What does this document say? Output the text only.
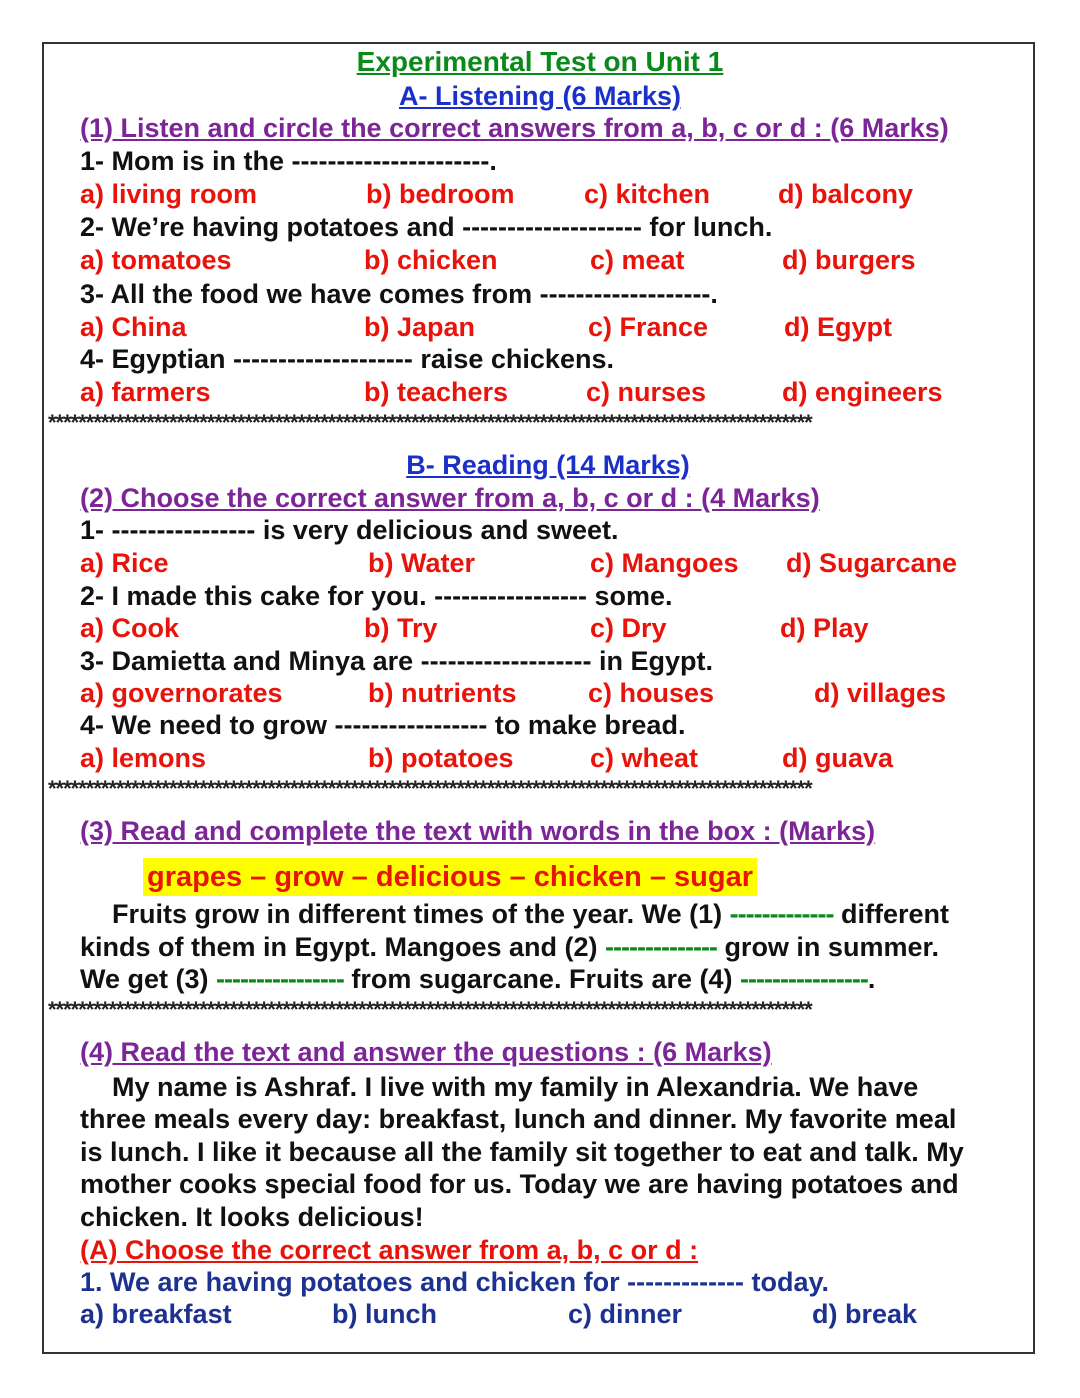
Experimental Test on Unit 1
A- Listening (6 Marks)
(1) Listen and circle the correct answers from a, b, c or d : (6 Marks)
1- Mom is in the ----------------------.
a) living room	b) bedroom	c) kitchen	d) balcony
2- We’re having potatoes and -------------------- for lunch.
a) tomatoes	b) chicken	c) meat	d) burgers
3- All the food we have comes from -------------------.
a) China	b) Japan	c) France	d) Egypt
4- Egyptian -------------------- raise chickens.
a) farmers	b) teachers	c) nurses	d) engineers
*****************************************************************************************************
B- Reading (14 Marks)
(2) Choose the correct answer from a, b, c or d : (4 Marks)
1- ---------------- is very delicious and sweet.
a) Rice	b) Water	c) Mangoes d) Sugarcane
2- I made this cake for you. ----------------- some.
a) Cook	b) Try	c) Dry	d) Play
3- Damietta and Minya are ------------------- in Egypt.
a) governorates	b) nutrients	c) houses	d) villages
4- We need to grow ----------------- to make bread.
a) lemons	b) potatoes	c) wheat	d) guava
*****************************************************************************************************
(3) Read and complete the text with words in the box : (Marks)
grapes – grow – delicious – chicken – sugar
Fruits grow in different times of the year. We (1) ------------- different
kinds of them in Egypt. Mangoes and (2) -------------- grow in summer.
We get (3) ---------------- from sugarcane. Fruits are (4) ----------------.
*****************************************************************************************************
(4) Read the text and answer the questions : (6 Marks)
My name is Ashraf. I live with my family in Alexandria. We have
three meals every day: breakfast, lunch and dinner. My favorite meal
is lunch. I like it because all the family sit together to eat and talk. My
mother cooks special food for us. Today we are having potatoes and
chicken. It looks delicious!
(A) Choose the correct answer from a, b, c or d :
1. We are having potatoes and chicken for ------------- today.
a) breakfast	b) lunch	c) dinner	d) break
